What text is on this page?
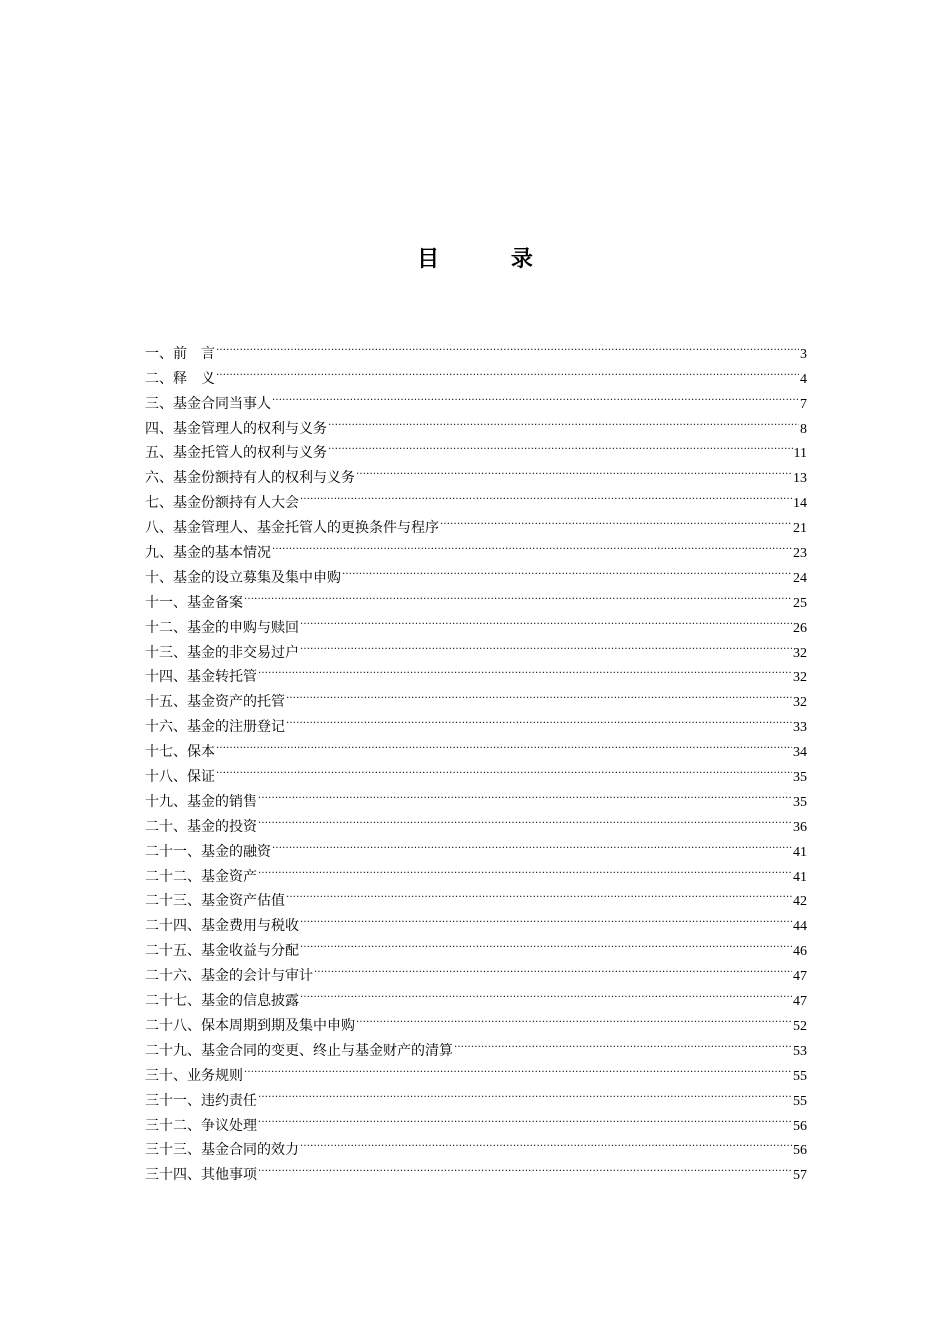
目 录
一、前　言 .....	3
二、释　义 .....	4
三、基金合同当事人 .....	7
四、基金管理人的权利与义务 .....	8
五、基金托管人的权利与义务 .....	11
六、基金份额持有人的权利与义务 .....	13
七、基金份额持有人大会 .....	14
八、基金管理人、基金托管人的更换条件与程序 .....	21
九、基金的基本情况 .....	23
十、基金的设立募集及集中申购 .....	24
十一、基金备案 .....	25
十二、基金的申购与赎回 .....	26
十三、基金的非交易过户 .....	32
十四、基金转托管 .....	32
十五、基金资产的托管 .....	32
十六、基金的注册登记 .....	33
十七、保本 .....	34
十八、保证 .....	35
十九、基金的销售 .....	35
二十、基金的投资 .....	36
二十一、基金的融资 .....	41
二十二、基金资产 .....	41
二十三、基金资产估值 .....	42
二十四、基金费用与税收 .....	44
二十五、基金收益与分配 .....	46
二十六、基金的会计与审计 .....	47
二十七、基金的信息披露 .....	47
二十八、保本周期到期及集中申购 .....	52
二十九、基金合同的变更、终止与基金财产的清算 .....	53
三十、业务规则 .....	55
三十一、违约责任 .....	55
三十二、争议处理 .....	56
三十三、基金合同的效力 .....	56
三十四、其他事项 .....	57
